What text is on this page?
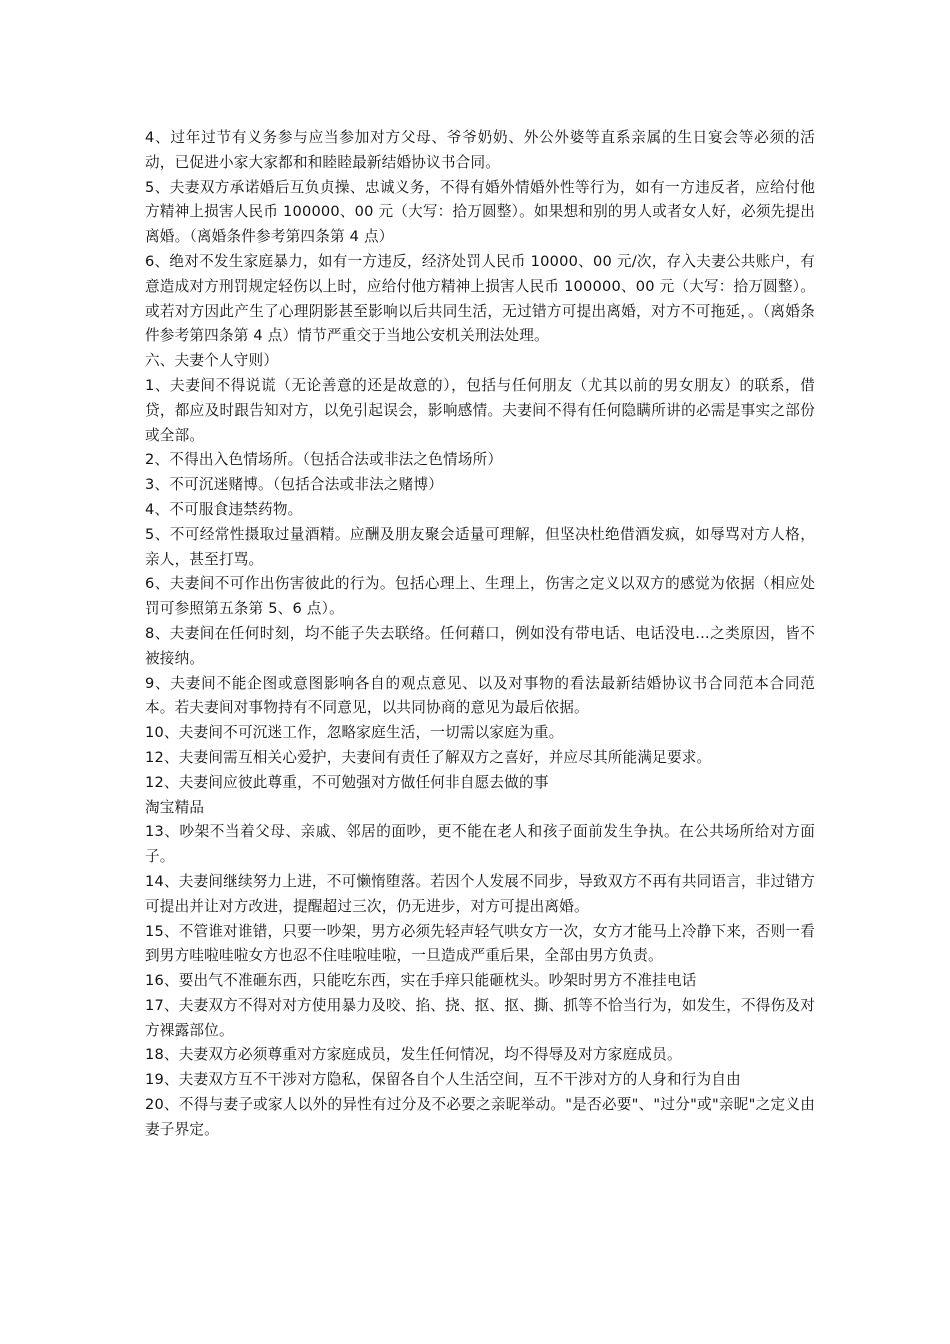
4、过年过节有义务参与应当参加对方父母、爷爷奶奶、外公外婆等直系亲属的生日宴会等必须的活动，已促进小家大家都和和睦睦最新结婚协议书合同。

5、夫妻双方承诺婚后互负贞操、忠诚义务，不得有婚外情婚外性等行为，如有一方违反者，应给付他方精神上损害人民币 100000、00 元（大写：拾万圆整）。如果想和别的男人或者女人好，必须先提出离婚。（离婚条件参考第四条第 4 点）

6、绝对不发生家庭暴力，如有一方违反，经济处罚人民币 10000、00 元/次，存入夫妻公共账户，有意造成对方刑罚规定轻伤以上时，应给付他方精神上损害人民币 100000、00 元（大写：拾万圆整）。或若对方因此产生了心理阴影甚至影响以后共同生活，无过错方可提出离婚，对方不可拖延，。（离婚条件参考第四条第 4 点）情节严重交于当地公安机关刑法处理。

六、夫妻个人守则）

1、夫妻间不得说谎（无论善意的还是故意的），包括与任何朋友（尤其以前的男女朋友）的联系，借贷，都应及时跟告知对方，以免引起误会，影响感情。夫妻间不得有任何隐瞒所讲的必需是事实之部份或全部。

2、不得出入色情场所。（包括合法或非法之色情场所）

3、不可沉迷赌博。（包括合法或非法之赌博）

4、不可服食违禁药物。

5、不可经常性摄取过量酒精。应酬及朋友聚会适量可理解，但坚决杜绝借酒发疯，如辱骂对方人格，亲人，甚至打骂。

6、夫妻间不可作出伤害彼此的行为。包括心理上、生理上，伤害之定义以双方的感觉为依据（相应处罚可参照第五条第 5、6 点）。

8、夫妻间在任何时刻，均不能子失去联络。任何藉口，例如没有带电话、电话没电…之类原因，皆不被接纳。

9、夫妻间不能企图或意图影响各自的观点意见、以及对事物的看法最新结婚协议书合同范本合同范本。若夫妻间对事物持有不同意见，以共同协商的意见为最后依据。

10、夫妻间不可沉迷工作，忽略家庭生活，一切需以家庭为重。

12、夫妻间需互相关心爱护，夫妻间有责任了解双方之喜好，并应尽其所能满足要求。

12、夫妻间应彼此尊重，不可勉强对方做任何非自愿去做的事

淘宝精品

13、吵架不当着父母、亲戚、邻居的面吵，更不能在老人和孩子面前发生争执。在公共场所给对方面子。

14、夫妻间继续努力上进，不可懒惰堕落。若因个人发展不同步，导致双方不再有共同语言，非过错方可提出并让对方改进，提醒超过三次，仍无进步，对方可提出离婚。

15、不管谁对谁错，只要一吵架，男方必须先轻声轻气哄女方一次，女方才能马上冷静下来，否则一看到男方哇啦哇啦女方也忍不住哇啦哇啦，一旦造成严重后果，全部由男方负责。

16、要出气不准砸东西，只能吃东西，实在手痒只能砸枕头。吵架时男方不准挂电话

17、夫妻双方不得对对方使用暴力及咬、掐、挠、抠、抠、撕、抓等不恰当行为，如发生，不得伤及对方裸露部位。

18、夫妻双方必须尊重对方家庭成员，发生任何情况，均不得辱及对方家庭成员。

19、夫妻双方互不干涉对方隐私，保留各自个人生活空间，互不干涉对方的人身和行为自由

20、不得与妻子或家人以外的异性有过分及不必要之亲昵举动。"是否必要"、"过分"或"亲昵"之定义由妻子界定。
